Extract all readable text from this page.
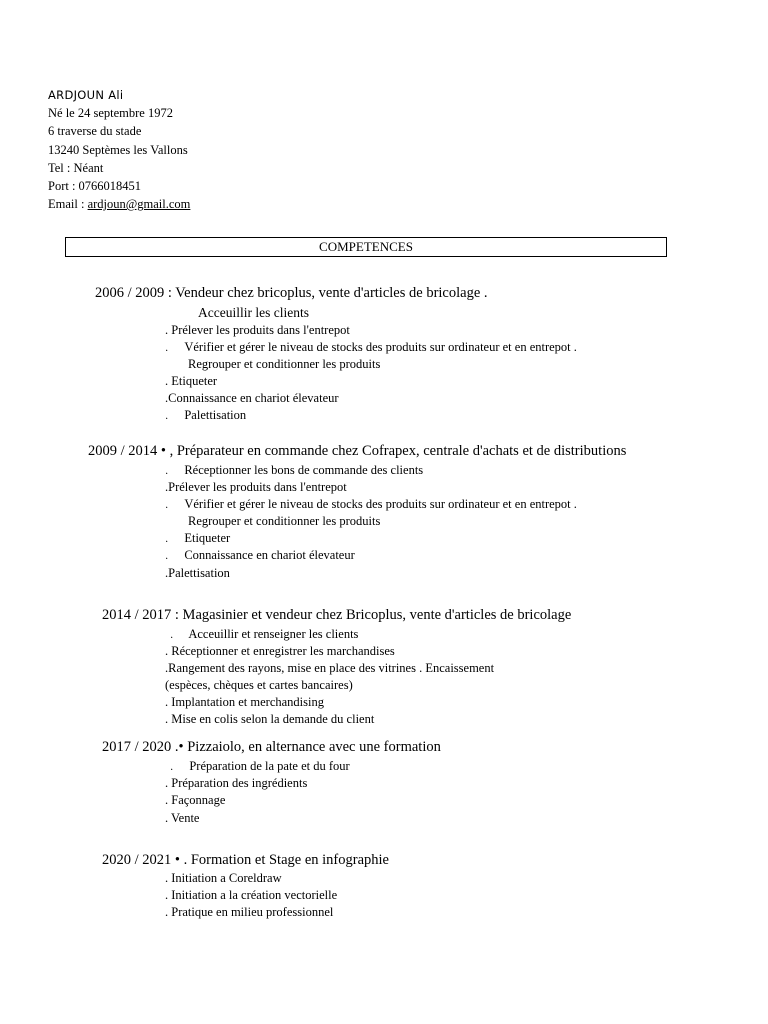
ARDJOUN Ali
Né le 24 septembre 1972
6 traverse du stade
13240 Septèmes les Vallons
Tel : Néant
Port : 0766018451
Email : ardjoun@gmail.com
COMPETENCES
2006 / 2009 : Vendeur chez bricoplus, vente d'articles de bricolage .
Acceuillir les clients
. Prélever les produits dans l'entrepot
․ Vérifier et gérer le niveau de stocks des produits sur ordinateur et en entrepot .
Regrouper et conditionner les produits
. Etiqueter
.Connaissance en chariot élevateur
․ Palettisation
2009 / 2014 • , Préparateur en commande chez Cofrapex, centrale d'achats et de distributions
․ Réceptionner les bons de commande des clients
.Prélever les produits dans l'entrepot
․ Vérifier et gérer le niveau de stocks des produits sur ordinateur et en entrepot .
Regrouper et conditionner les produits
․ Etiqueter
․ Connaissance en chariot élevateur
.Palettisation
2014 / 2017 : Magasinier et vendeur chez Bricoplus, vente d'articles de bricolage
․ Acceuillir et renseigner les clients
. Réceptionner et enregistrer les marchandises
.Rangement des rayons, mise en place des vitrines . Encaissement
(espèces, chèques et cartes bancaires)
. Implantation et merchandising
. Mise en colis selon la demande du client
2017 / 2020 .• Pizzaiolo, en alternance avec une formation
․ Préparation de la pate et du four
. Préparation des ingrédients
. Façonnage
. Vente
2020 / 2021 • . Formation et Stage en infographie
. Initiation a Coreldraw
. Initiation a la création vectorielle
. Pratique en milieu professionnel
